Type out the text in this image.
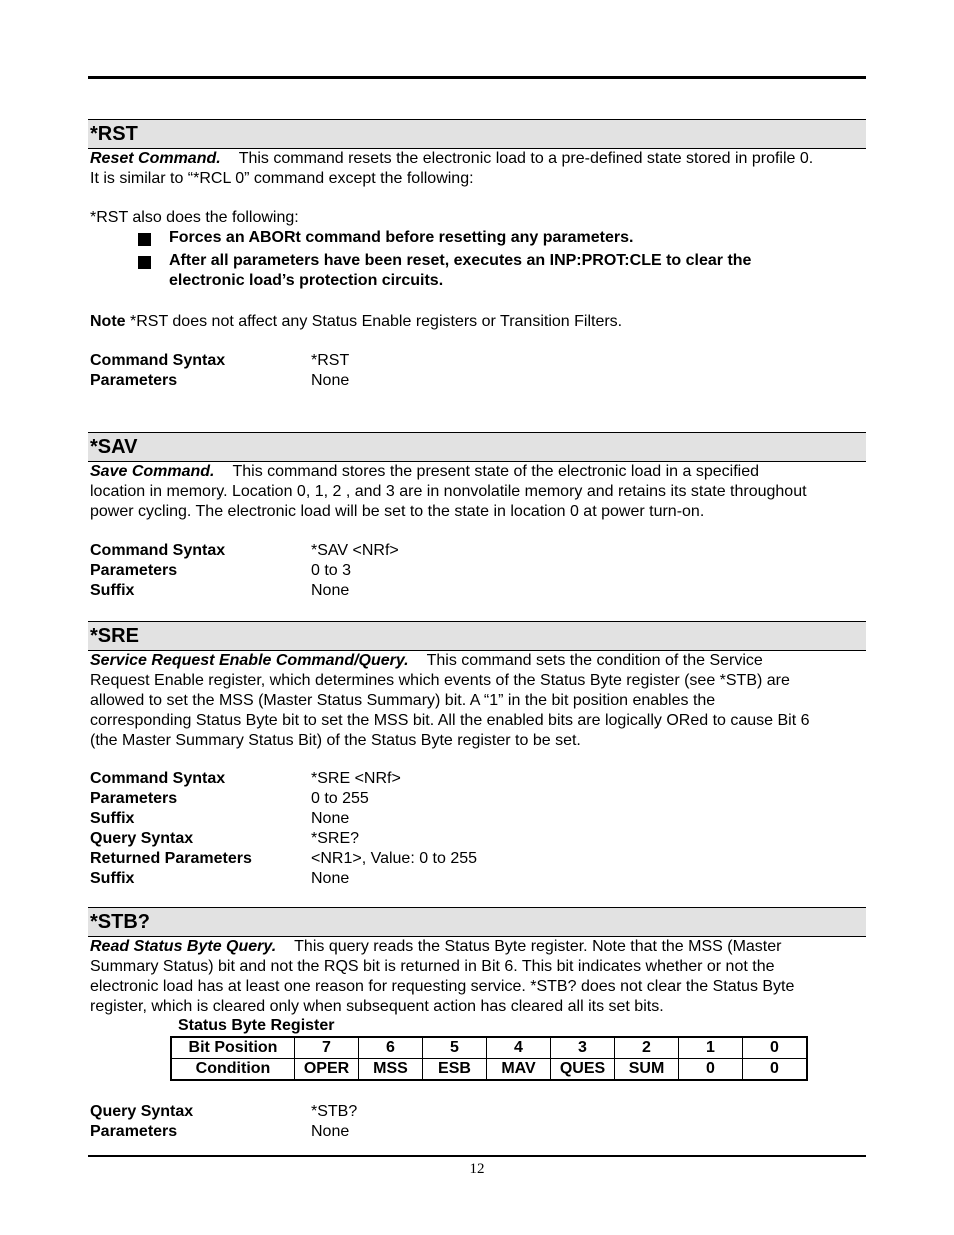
*RST
Reset Command. This command resets the electronic load to a pre-defined state stored in profile 0.
It is similar to “*RCL 0” command except the following:
*RST also does the following:
Forces an ABORt command before resetting any parameters.
After all parameters have been reset, executes an INP:PROT:CLE to clear the
electronic load’s protection circuits.
Note *RST does not affect any Status Enable registers or Transition Filters.
Command Syntax	*RST
Parameters	None
*SAV
Save Command. This command stores the present state of the electronic load in a specified
location in memory. Location 0, 1, 2 , and 3 are in nonvolatile memory and retains its state throughout
power cycling. The electronic load will be set to the state in location 0 at power turn-on.
Command Syntax	*SAV <NRf>
Parameters	0 to 3
Suffix	None
*SRE
Service Request Enable Command/Query. This command sets the condition of the Service
Request Enable register, which determines which events of the Status Byte register (see *STB) are
allowed to set the MSS (Master Status Summary) bit. A “1” in the bit position enables the
corresponding Status Byte bit to set the MSS bit. All the enabled bits are logically ORed to cause Bit 6
(the Master Summary Status Bit) of the Status Byte register to be set.
Command Syntax	*SRE <NRf>
Parameters	0 to 255
Suffix	None
Query Syntax	*SRE?
Returned Parameters	<NR1>, Value: 0 to 255
Suffix	None
*STB?
Read Status Byte Query. This query reads the Status Byte register. Note that the MSS (Master
Summary Status) bit and not the RQS bit is returned in Bit 6. This bit indicates whether or not the
electronic load has at least one reason for requesting service. *STB? does not clear the Status Byte
register, which is cleared only when subsequent action has cleared all its set bits.
Status Byte Register
Bit Position	7	6	5	4	3	2	1	0
Condition	OPER	MSS	ESB	MAV	QUES	SUM	0	0
Query Syntax	*STB?
Parameters	None
12
